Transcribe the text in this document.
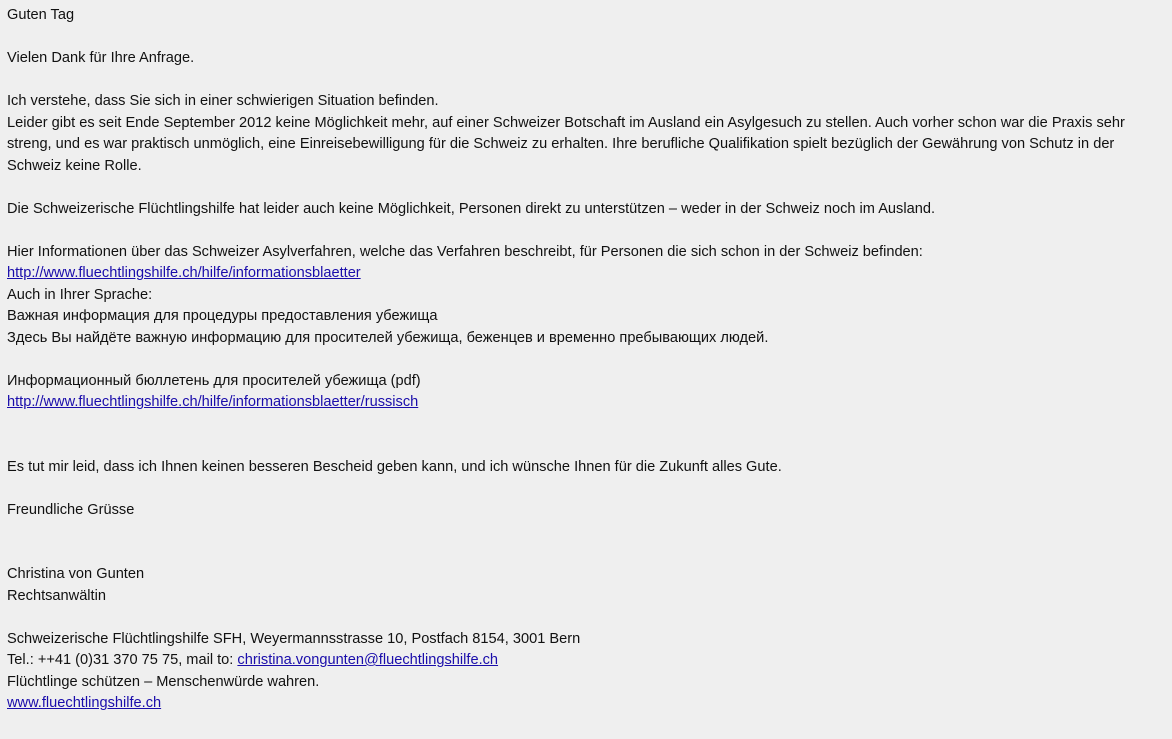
Guten Tag
Vielen Dank für Ihre Anfrage.
Ich verstehe, dass Sie sich in einer schwierigen Situation befinden.
Leider gibt es seit Ende September 2012 keine Möglichkeit mehr, auf einer Schweizer Botschaft im Ausland ein Asylgesuch zu stellen. Auch vorher schon war die Praxis sehr streng, und es war praktisch unmöglich, eine Einreisebewilligung für die Schweiz zu erhalten. Ihre berufliche Qualifikation spielt bezüglich der Gewährung von Schutz in der Schweiz keine Rolle.
Die Schweizerische Flüchtlingshilfe hat leider auch keine Möglichkeit, Personen direkt zu unterstützen – weder in der Schweiz noch im Ausland.
Hier Informationen über das Schweizer Asylverfahren, welche das Verfahren beschreibt, für Personen die sich schon in der Schweiz befinden:
http://www.fluechtlingshilfe.ch/hilfe/informationsblaetter
Auch in Ihrer Sprache:
Важная информация для процедуры предоставления убежища
Здесь Вы найдёте важную информацию для просителей убежища, беженцев и временно пребывающих людей.
Информационный бюллетень для просителей убежища (pdf)
http://www.fluechtlingshilfe.ch/hilfe/informationsblaetter/russisch
Es tut mir leid, dass ich Ihnen keinen besseren Bescheid geben kann, und ich wünsche Ihnen für die Zukunft alles Gute.
Freundliche Grüsse
Christina von Gunten
Rechtsanwältin
Schweizerische Flüchtlingshilfe SFH, Weyermannsstrasse 10, Postfach 8154, 3001 Bern
Tel.: ++41 (0)31 370 75 75, mail to: christina.vongunten@fluechtlingshilfe.ch
Flüchtlinge schützen – Menschenwürde wahren.
www.fluechtlingshilfe.ch
